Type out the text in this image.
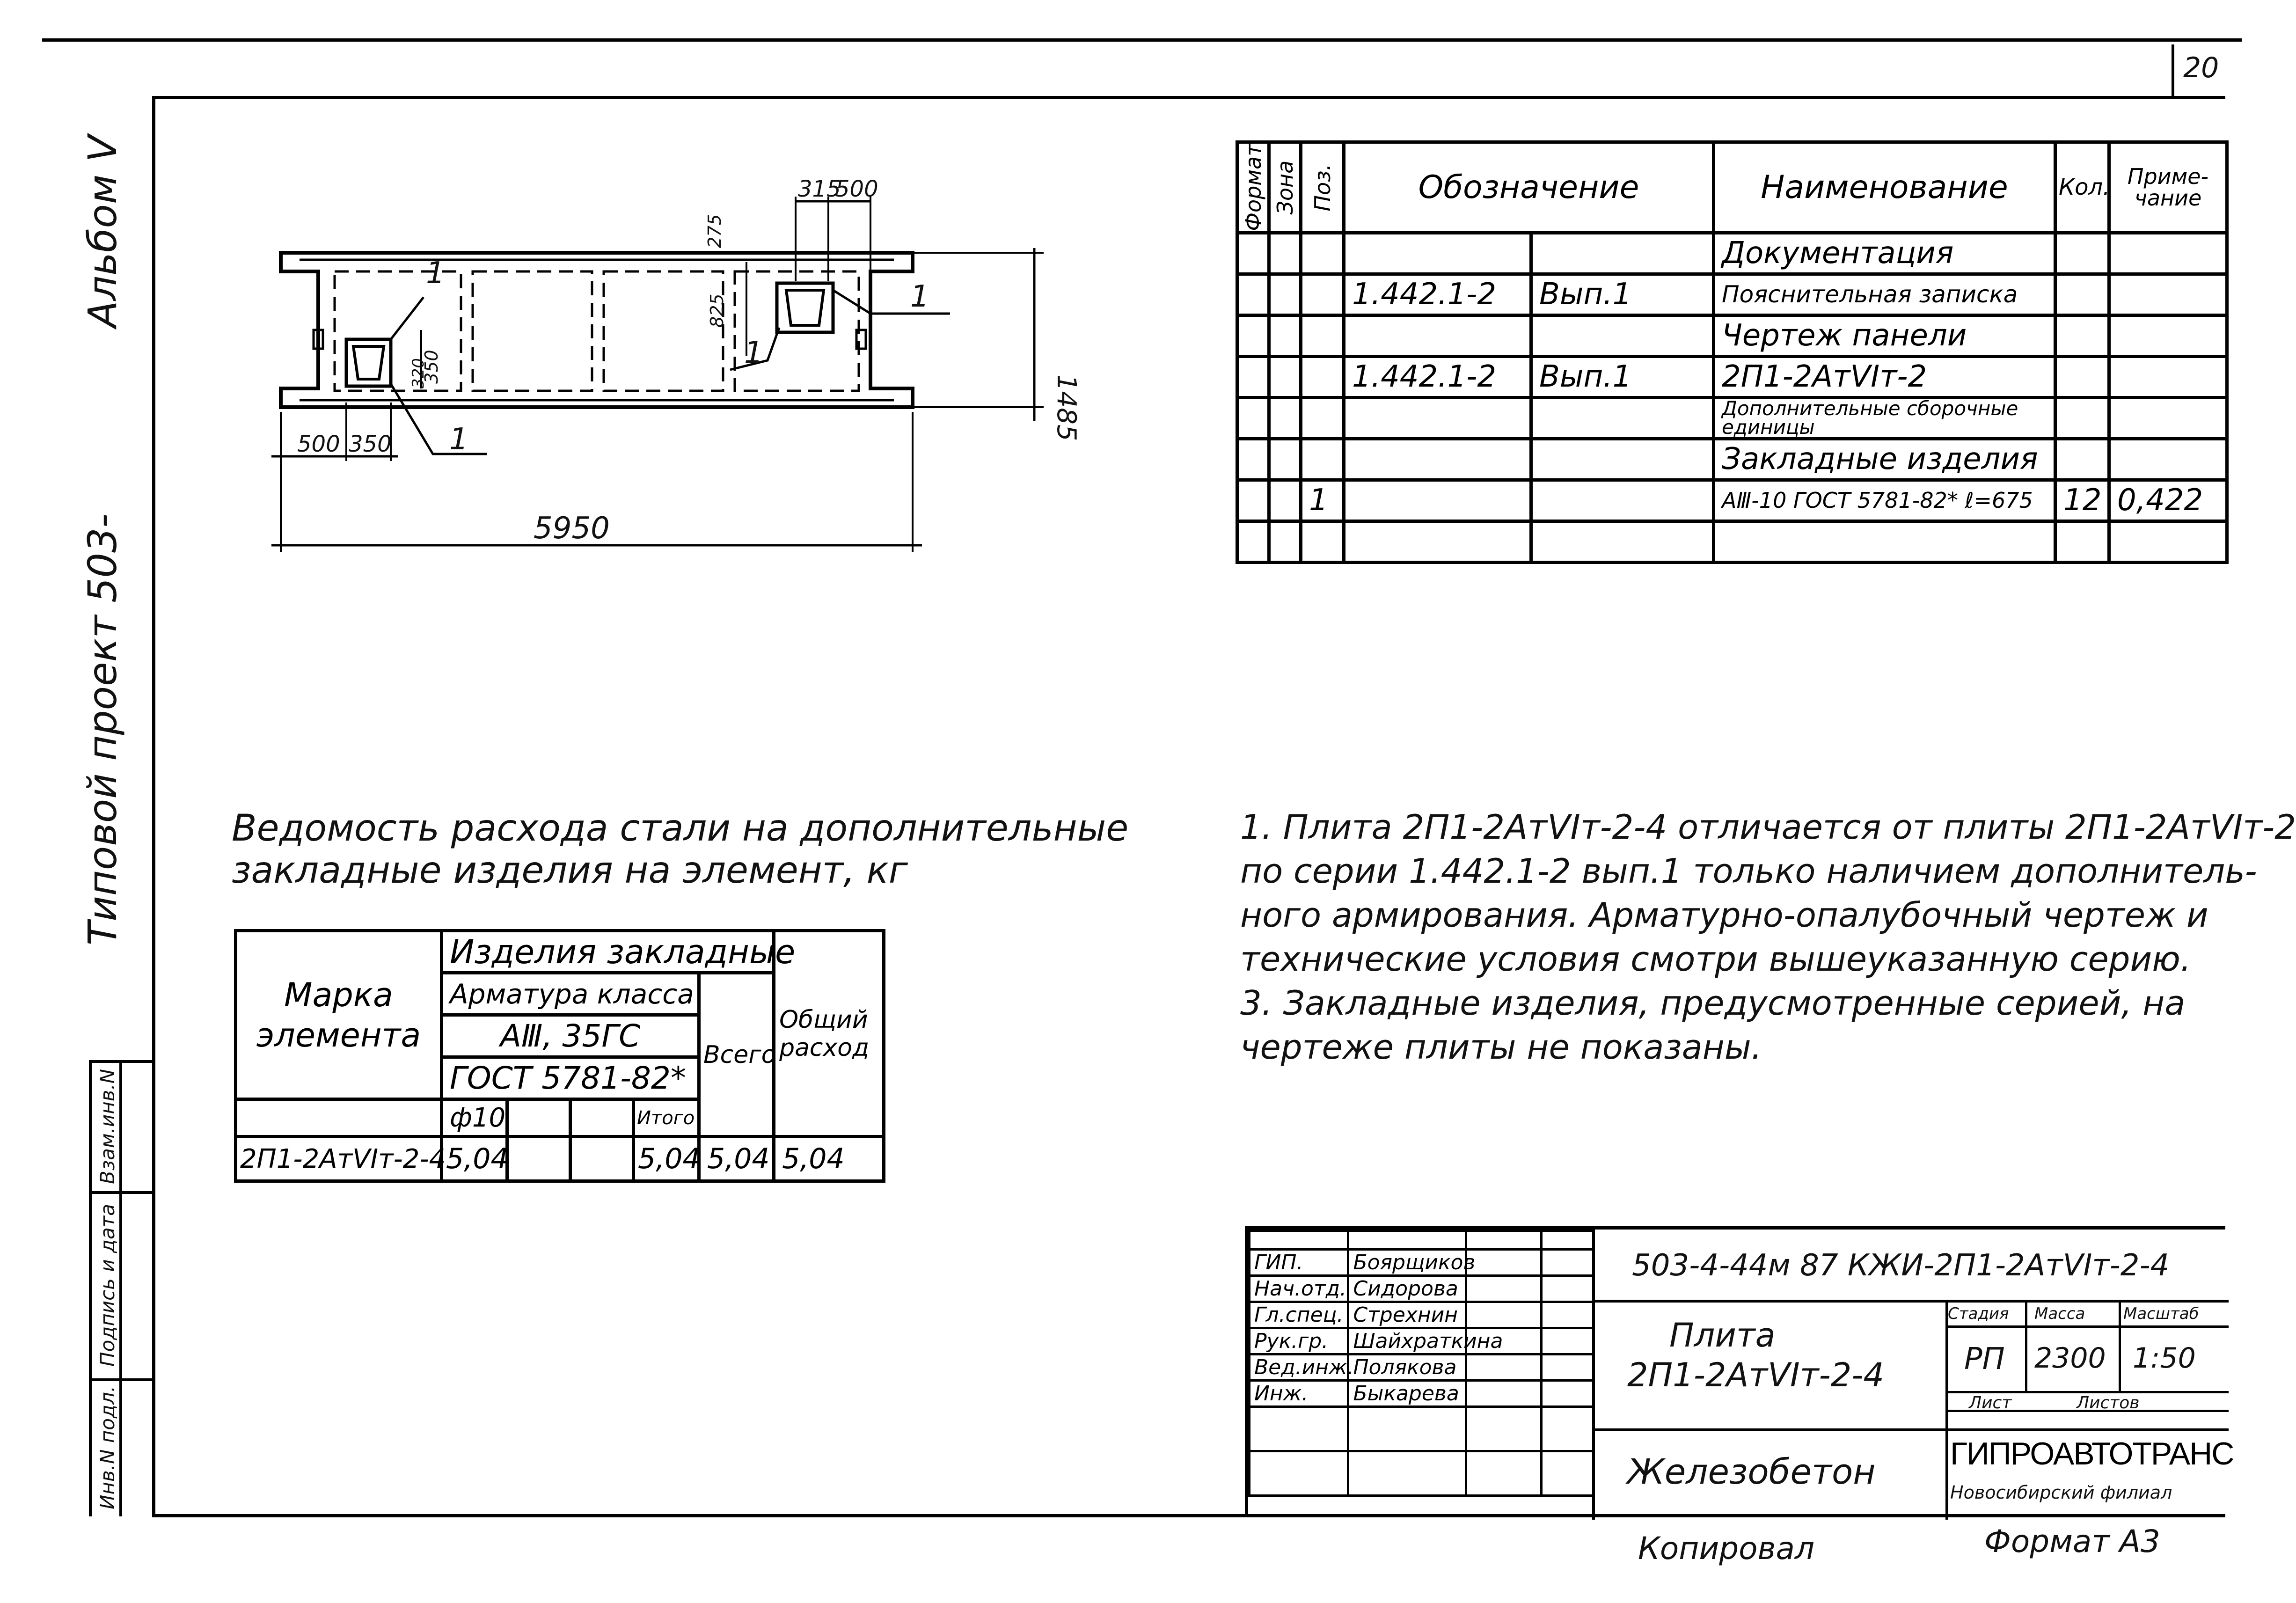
20
Альбом V
Типовой проект 503-
Взам.инв.N
Подпись и дата
Инв.N подл.
315
500
500 350
5950
1485
275
825
350
320
1
1
1
1
Формат	Зона	Поз.	Обозначение		Наименование	Кол.	Приме-чание
					Документация		
			1.442.1-2	Вып.1	Пояснительная записка		
					Чертеж панели		
			1.442.1-2	Вып.1	2П1-2АтVIт-2		
					Дополнительные сборочные единицы		
					Закладные изделия		
		1			АⅢ-10 ГОСТ 5781-82* ℓ=675	12	0,422

Ведомость расхода стали на дополнительные
закладные изделия на элемент, кг
Марка элемента	Изделия закладные					Общий расход
	Арматура класса				Всего	
	АⅢ, 35ГС					
	ГОСТ 5781-82*					
	ф10			Итого		
2П1-2АтVIт-2-4	5,04			5,04	5,04	5,04

1. Плита 2П1-2АтVIт-2-4 отличается от плиты 2П1-2АтVIт-2

по серии 1.442.1-2 вып.1 только наличием дополнитель-

ного армирования. Арматурно-опалубочный чертеж и

технические условия смотри вышеуказанную серию.

3. Закладные изделия, предусмотренные серией, на

чертеже плиты не показаны.

ГИП.	Боярщиков		
Нач.отд.	Сидорова		
Гл.спец.	Стрехнин		
Рук.гр.	Шайхраткина		
Вед.инж.	Полякова		
Инж.	Быкарева		

503-4-44м 87 КЖИ-2П1-2АтVIт-2-4
Плита
2П1-2АтVIт-2-4
Железобетон
Стадия Масса Масштаб
РП 2300 1:50
Лист	Листов
ГИПРОАВТОТРАНС
Новосибирский филиал
Копировал	Формат А3
